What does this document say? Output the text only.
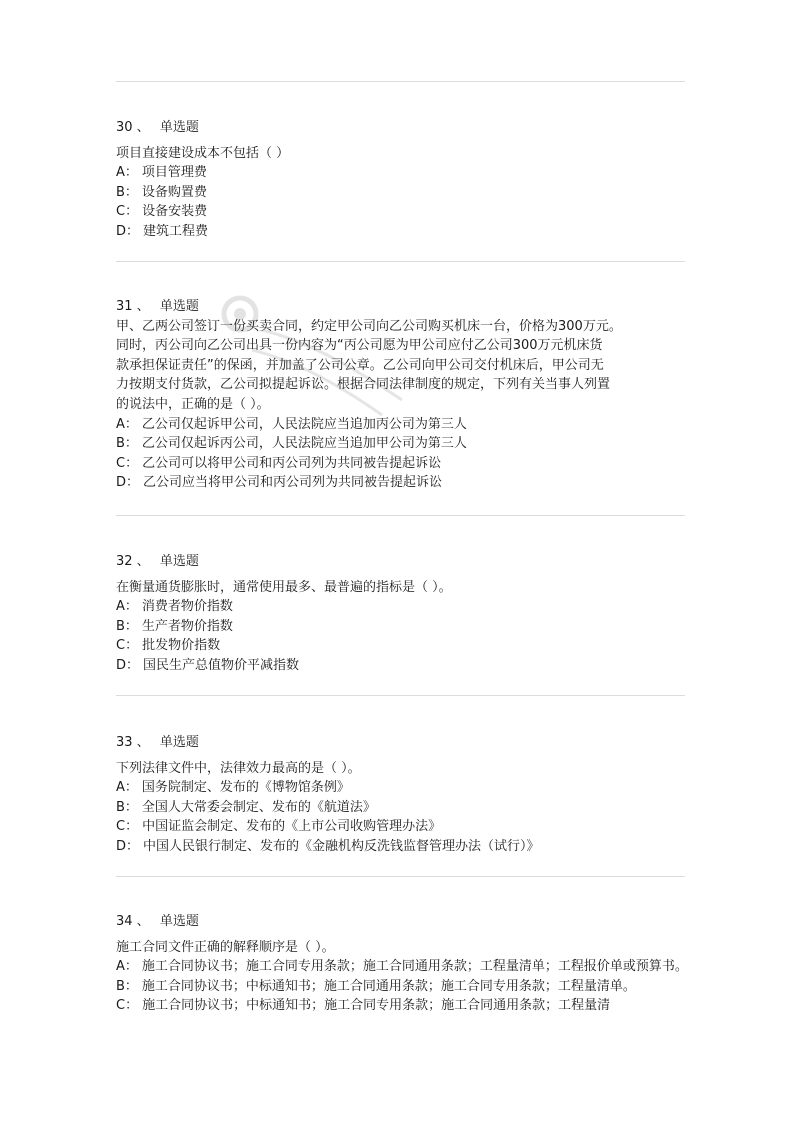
30 、 单选题

项目直接建设成本不包括（ ）

A： 项目管理费

B： 设备购置费

C： 设备安装费

D： 建筑工程费

31 、 单选题

甲、乙两公司签订一份买卖合同，约定甲公司向乙公司购买机床一台，价格为300万元。

同时，丙公司向乙公司出具一份内容为“丙公司愿为甲公司应付乙公司300万元机床货

款承担保证责任”的保函，并加盖了公司公章。乙公司向甲公司交付机床后，甲公司无

力按期支付货款，乙公司拟提起诉讼。根据合同法律制度的规定，下列有关当事人列置

的说法中，正确的是（ ）。

A： 乙公司仅起诉甲公司，人民法院应当追加丙公司为第三人

B： 乙公司仅起诉丙公司，人民法院应当追加甲公司为第三人

C： 乙公司可以将甲公司和丙公司列为共同被告提起诉讼

D： 乙公司应当将甲公司和丙公司列为共同被告提起诉讼

32 、 单选题

在衡量通货膨胀时，通常使用最多、最普遍的指标是（ ）。

A： 消费者物价指数

B： 生产者物价指数

C： 批发物价指数

D： 国民生产总值物价平减指数

33 、 单选题

下列法律文件中，法律效力最高的是（ ）。

A： 国务院制定、发布的《博物馆条例》

B： 全国人大常委会制定、发布的《航道法》

C： 中国证监会制定、发布的《上市公司收购管理办法》

D： 中国人民银行制定、发布的《金融机构反洗钱监督管理办法（试行）》

34 、 单选题

施工合同文件正确的解释顺序是（ ）。

A： 施工合同协议书；施工合同专用条款；施工合同通用条款；工程量清单；工程报价单或预算书。

B： 施工合同协议书；中标通知书；施工合同通用条款；施工合同专用条款；工程量清单。

C： 施工合同协议书；中标通知书；施工合同专用条款；施工合同通用条款；工程量清
